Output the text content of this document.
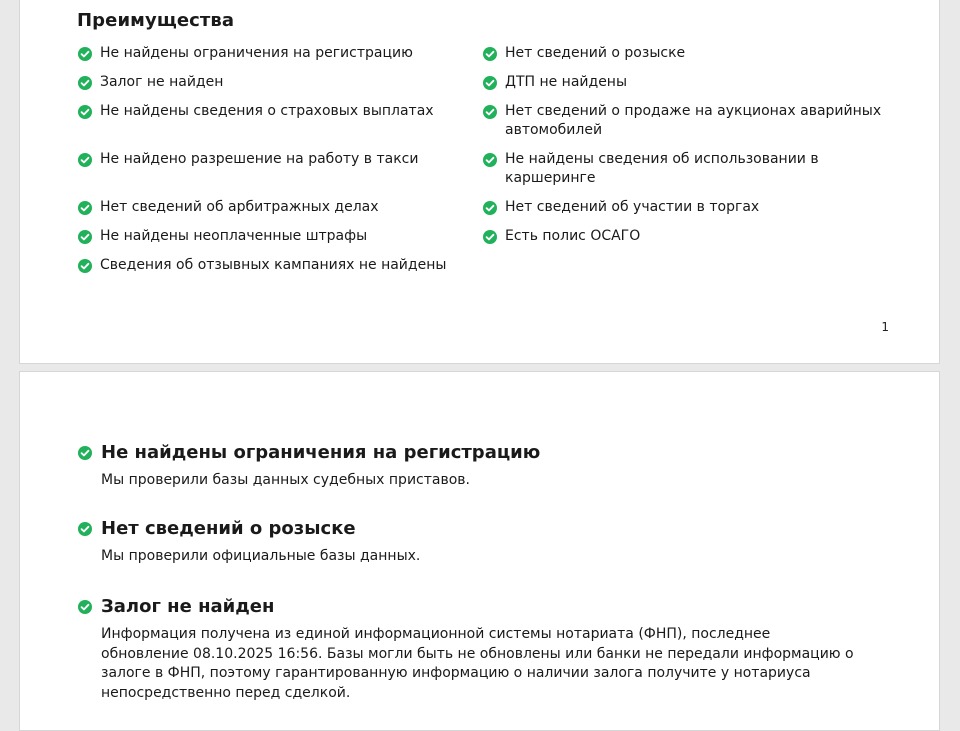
Преимущества
Не найдены ограничения на регистрацию
Залог не найден
Не найдены сведения о страховых выплатах
Не найдено разрешение на работу в такси
Нет сведений об арбитражных делах
Не найдены неоплаченные штрафы
Сведения об отзывных кампаниях не найдены
Нет сведений о розыске
ДТП не найдены
Нет сведений о продаже на аукционах аварийных автомобилей
Не найдены сведения об использовании в каршеринге
Нет сведений об участии в торгах
Есть полис ОСАГО
1
Не найдены ограничения на регистрацию

Мы проверили базы данных судебных приставов.

Нет сведений о розыске

Мы проверили официальные базы данных.

Залог не найден

Информация получена из единой информационной системы нотариата (ФНП), последнее обновление 08.10.2025 16:56. Базы могли быть не обновлены или банки не передали информацию о залоге в ФНП, поэтому гарантированную информацию о наличии залога получите у нотариуса непосредственно перед сделкой.
